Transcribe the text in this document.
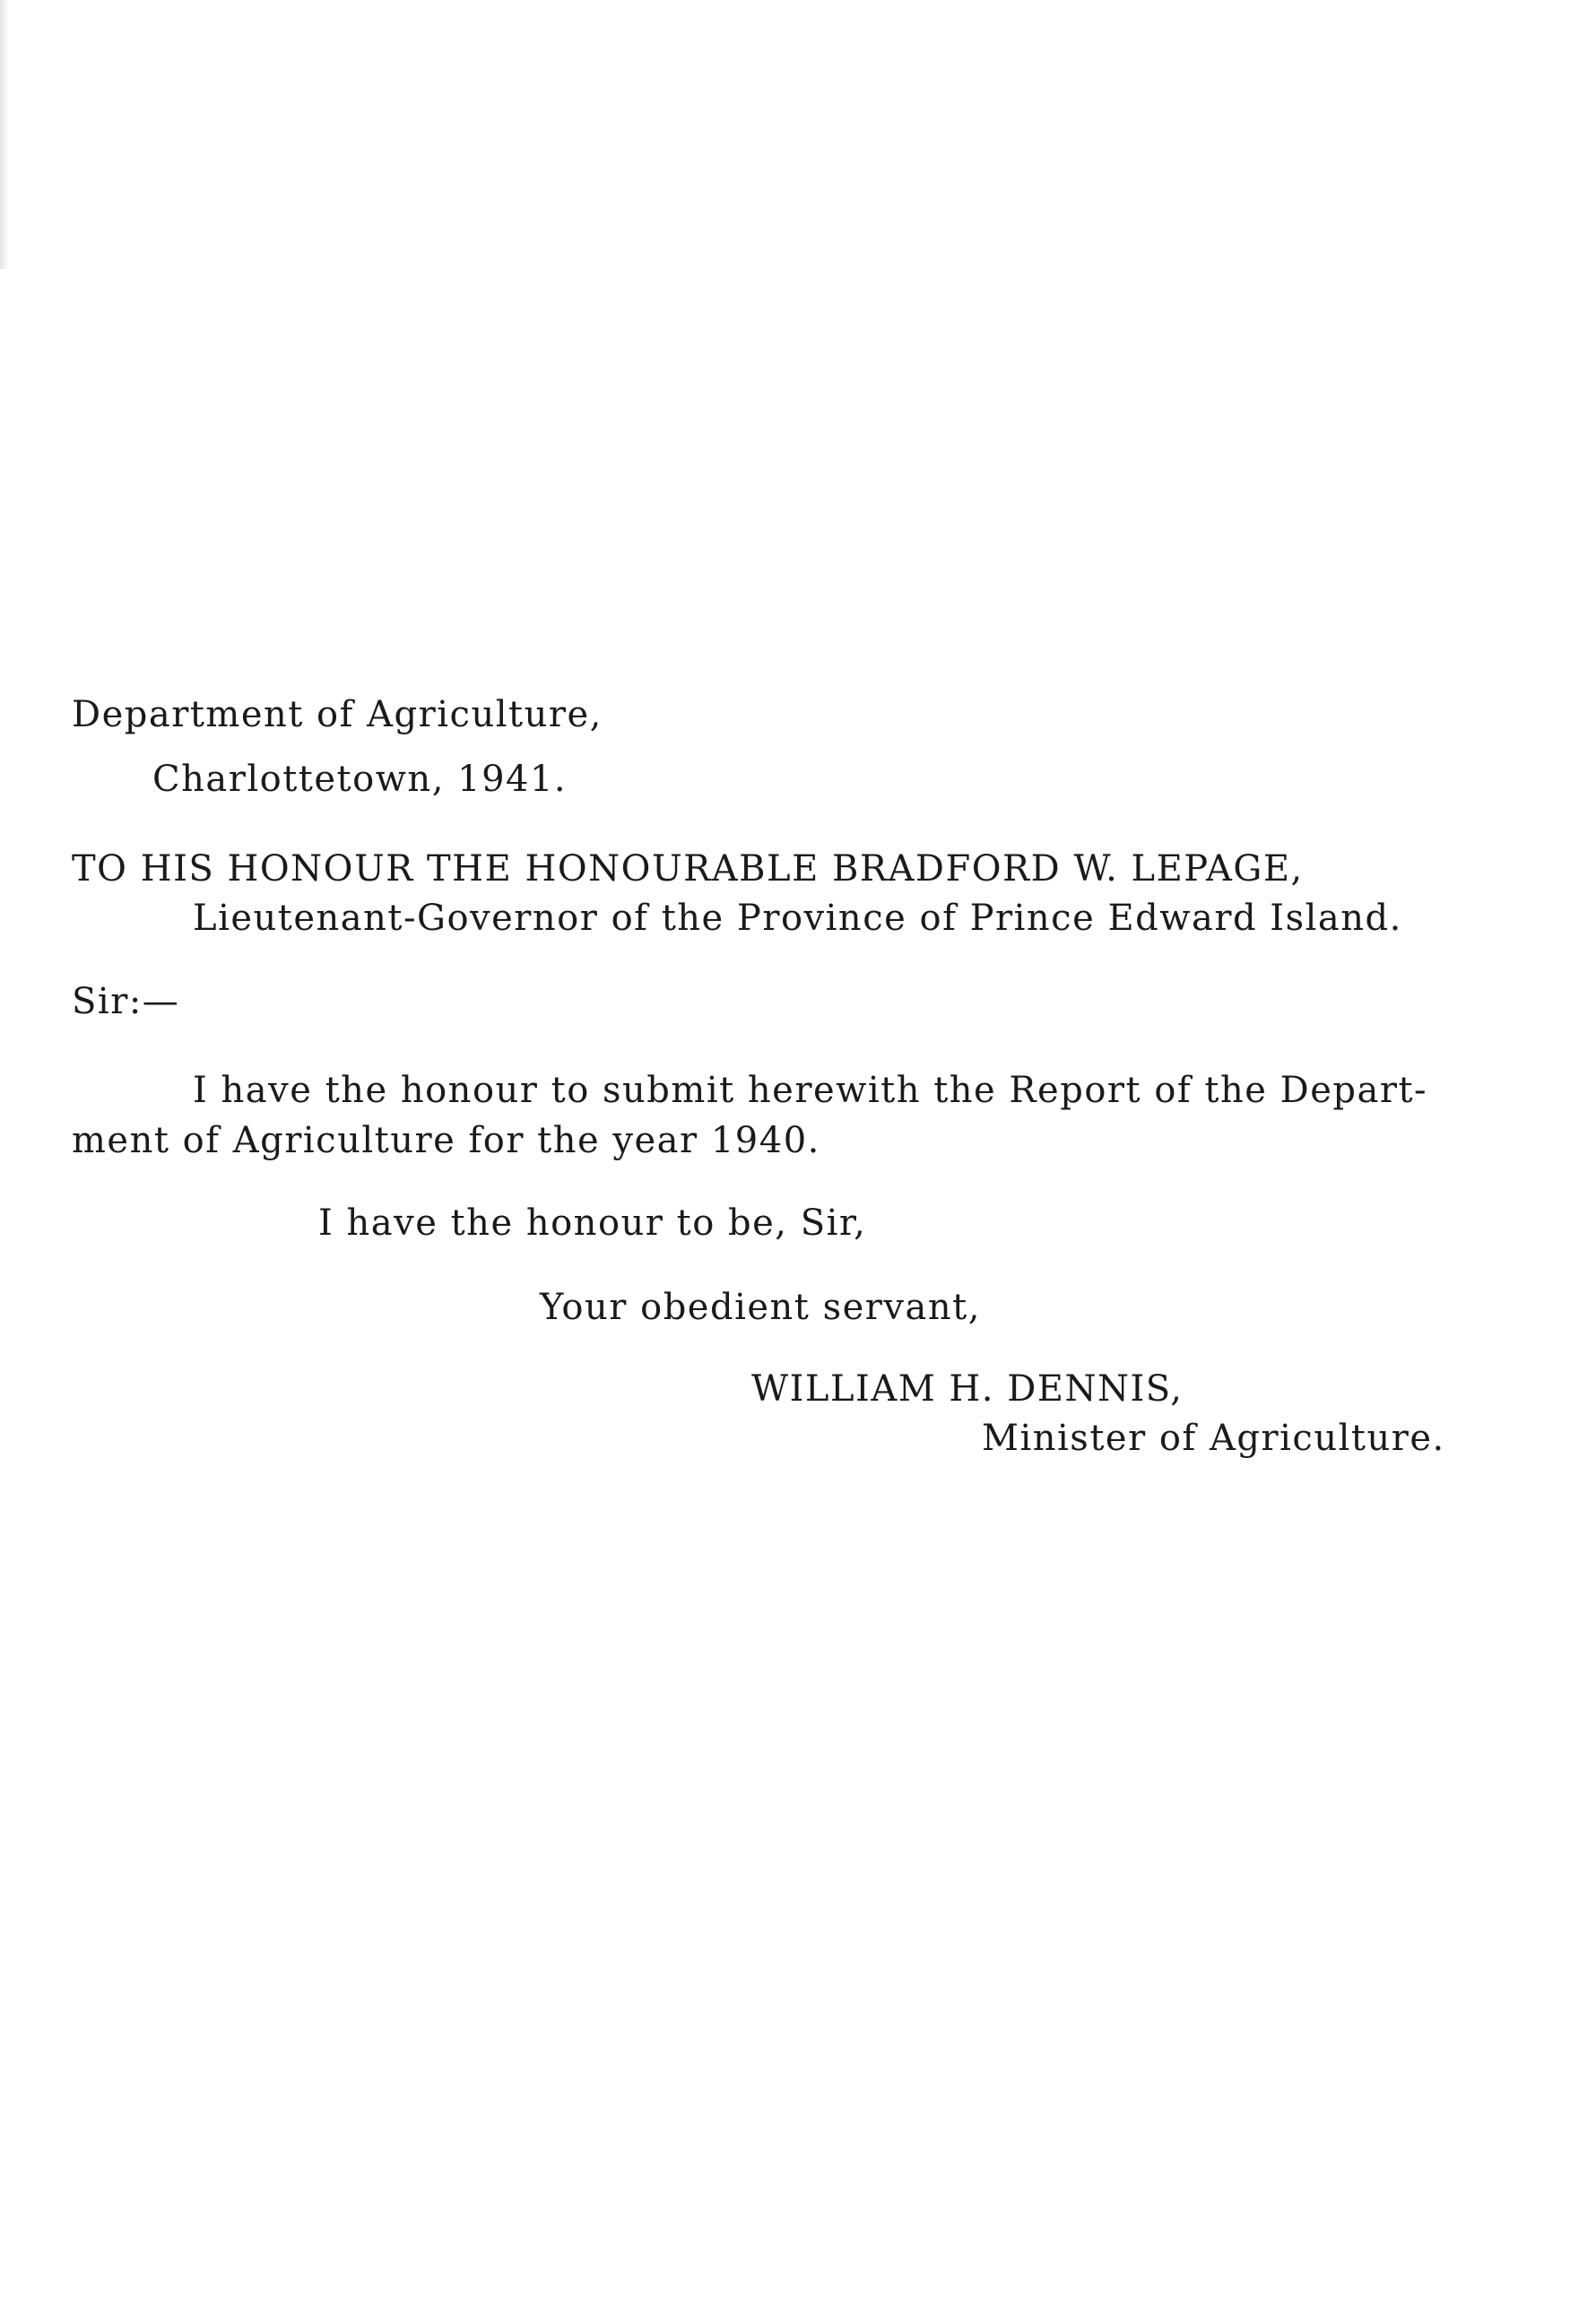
Department of Agriculture,
Charlottetown, 1941.
TO HIS HONOUR THE HONOURABLE BRADFORD W. LEPAGE,
Lieutenant-Governor of the Province of Prince Edward Island.
Sir:—
I have the honour to submit herewith the Report of the Depart-
ment of Agriculture for the year 1940.
I have the honour to be, Sir,
Your obedient servant,
WILLIAM H. DENNIS,
Minister of Agriculture.
